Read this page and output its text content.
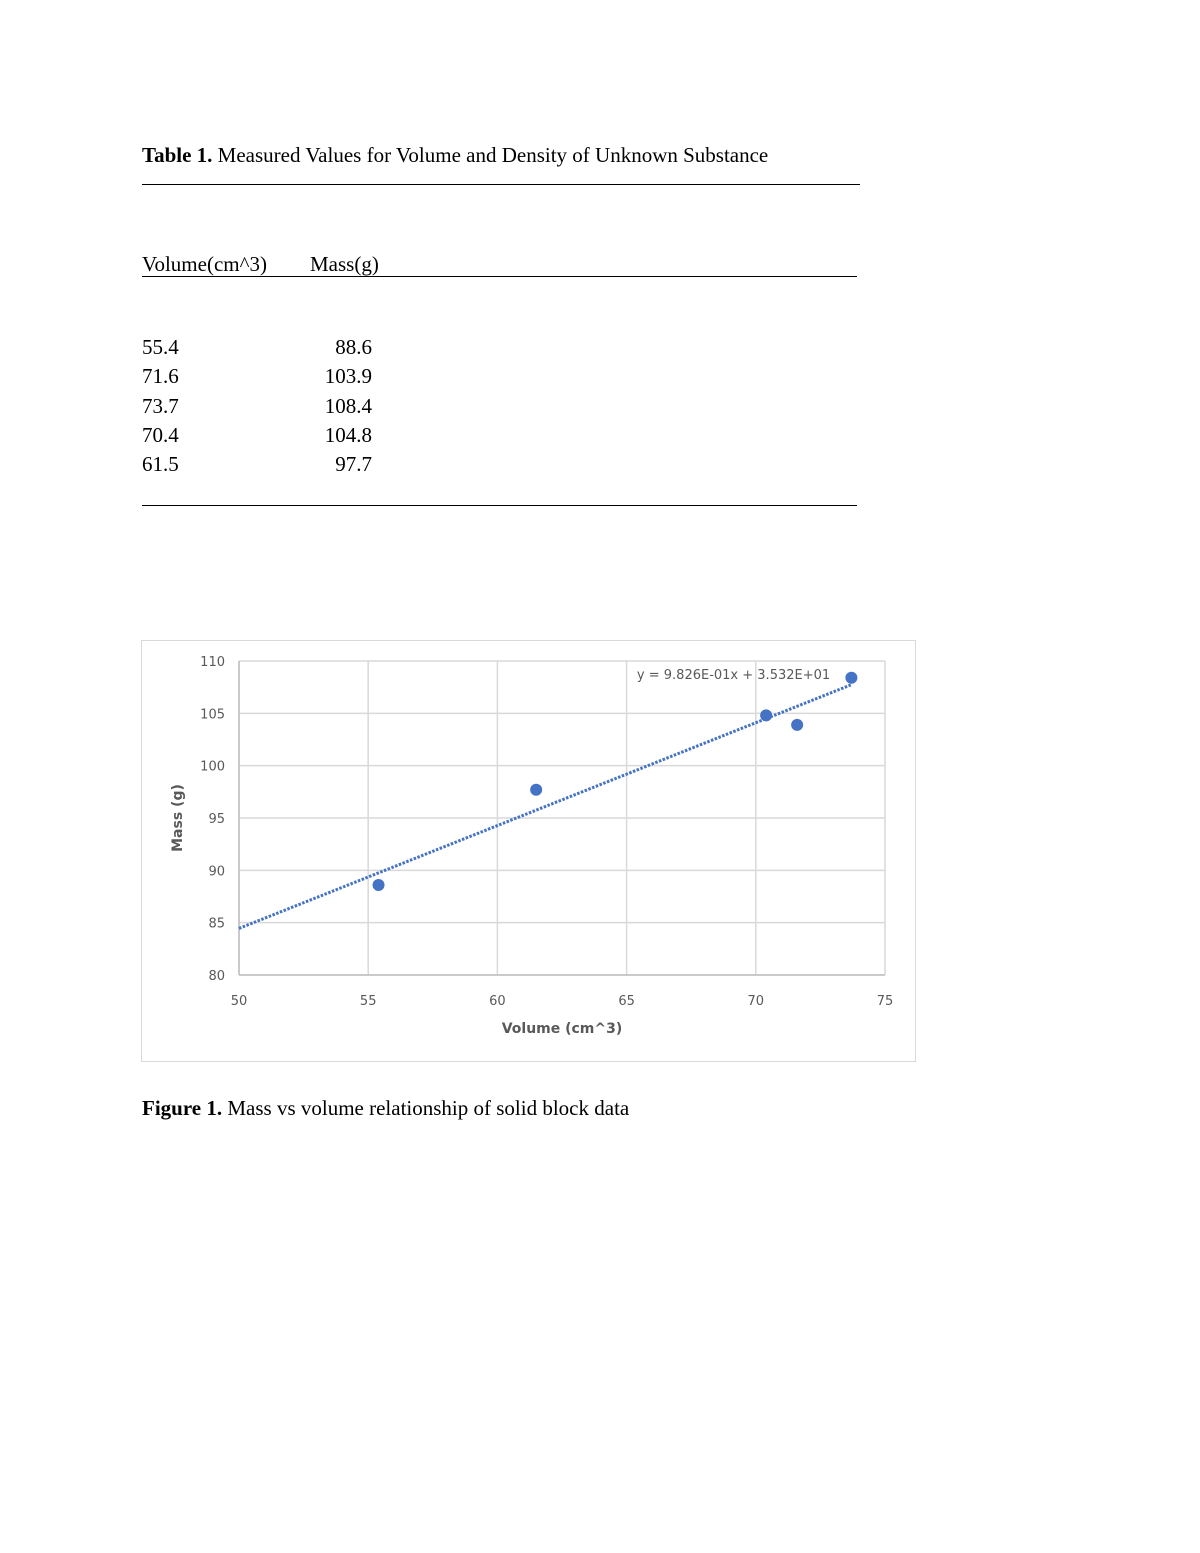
Table 1. Measured Values for Volume and Density of Unknown Substance
Volume(cm^3) Mass(g)
55.4	88.6
71.6	103.9
73.7	108.4
70.4	104.8
61.5	97.7
80
85
90
95
100
105
110
50	55	60	65	70	75
Volume (cm^3)
Mass (g)
y = 9.826E-01x + 3.532E+01
Figure 1. Mass vs volume relationship of solid block data
